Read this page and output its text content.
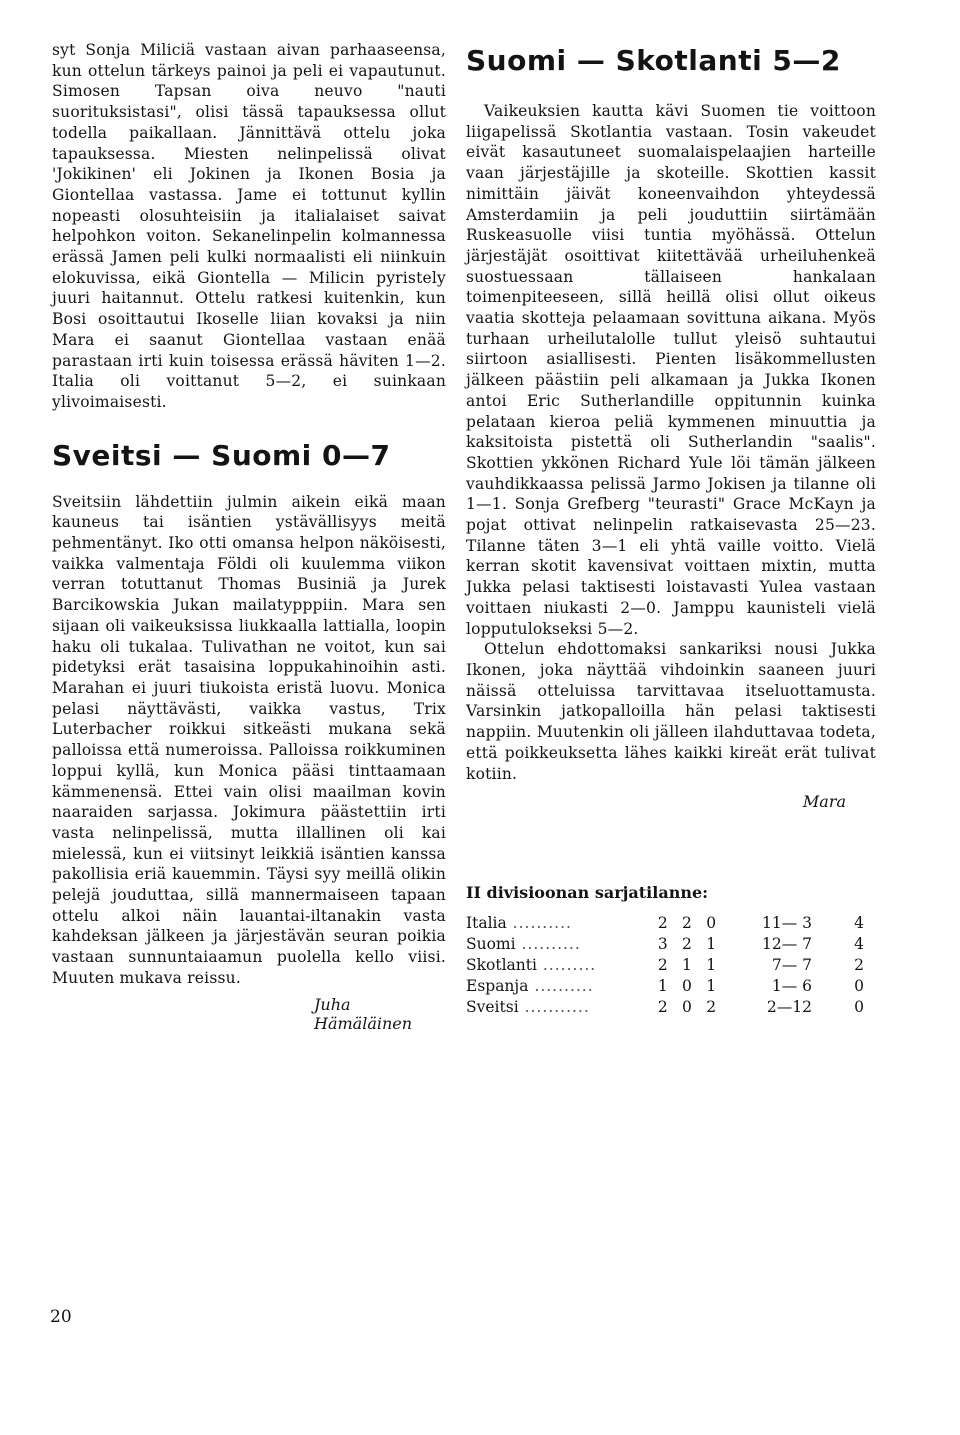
syt Sonja Miliciä vastaan aivan parhaaseensa, kun ottelun tärkeys painoi ja peli ei vapautunut. Simosen Tapsan oiva neuvo "nauti suorituksistasi", olisi tässä tapauksessa ollut todella paikallaan. Jännittävä ottelu joka tapauksessa. Miesten nelinpelissä olivat 'Jokikinen' eli Jokinen ja Ikonen Bosia ja Giontellaa vastassa. Jame ei tottunut kyllin nopeasti olosuhteisiin ja italialaiset saivat helpohkon voiton. Sekanelinpelin kolmannessa erässä Jamen peli kulki normaalisti eli niinkuin elokuvissa, eikä Giontella — Milicin pyristely juuri haitannut. Ottelu ratkesi kuitenkin, kun Bosi osoittautui Ikoselle liian kovaksi ja niin Mara ei saanut Giontellaa vastaan enää parastaan irti kuin toisessa erässä häviten 1—2. Italia oli voittanut 5—2, ei suinkaan ylivoimaisesti.

Sveitsi — Suomi 0—7

Sveitsiin lähdettiin julmin aikein eikä maan kauneus tai isäntien ystävällisyys meitä pehmentänyt. Iko otti omansa helpon näköisesti, vaikka valmentaja Földi oli kuulemma viikon verran totuttanut Thomas Businiä ja Jurek Barcikowskia Jukan mailatypppiin. Mara sen sijaan oli vaikeuksissa liukkaalla lattialla, loopin haku oli tukalaa. Tulivathan ne voitot, kun sai pidetyksi erät tasaisina loppukahinoihin asti. Marahan ei juuri tiukoista eristä luovu. Monica pelasi näyttävästi, vaikka vastus, Trix Luterbacher roikkui sitkeästi mukana sekä palloissa että numeroissa. Palloissa roikkuminen loppui kyllä, kun Monica pääsi tinttaamaan kämmenensä. Ettei vain olisi maailman kovin naaraiden sarjassa. Jokimura päästettiin irti vasta nelinpelissä, mutta illallinen oli kai mielessä, kun ei viitsinyt leikkiä isäntien kanssa pakollisia eriä kauemmin. Täysi syy meillä olikin pelejä jouduttaa, sillä mannermaiseen tapaan ottelu alkoi näin lauantai-iltanakin vasta kahdeksan jälkeen ja järjestävän seuran poikia vastaan sunnuntaiaamun puolella kello viisi. Muuten mukava reissu.

Juha Hämäläinen

Suomi — Skotlanti 5—2

Vaikeuksien kautta kävi Suomen tie voittoon liigapelissä Skotlantia vastaan. Tosin vakeudet eivät kasautuneet suomalaispelaajien harteille vaan järjestäjille ja skoteille. Skottien kassit nimittäin jäivät koneenvaihdon yhteydessä Amsterdamiin ja peli jouduttiin siirtämään Ruskeasuolle viisi tuntia myöhässä. Ottelun järjestäjät osoittivat kiitettävää urheiluhenkeä suostuessaan tällaiseen hankalaan toimenpiteeseen, sillä heillä olisi ollut oikeus vaatia skotteja pelaamaan sovittuna aikana. Myös turhaan urheilutalolle tullut yleisö suhtautui siirtoon asiallisesti. Pienten lisäkommellusten jälkeen päästiin peli alkamaan ja Jukka Ikonen antoi Eric Sutherlandille oppitunnin kuinka pelataan kieroa peliä kymmenen minuuttia ja kaksitoista pistettä oli Sutherlandin "saalis". Skottien ykkönen Richard Yule löi tämän jälkeen vauhdikkaassa pelissä Jarmo Jokisen ja tilanne oli 1—1. Sonja Grefberg "teurasti" Grace McKayn ja pojat ottivat nelinpelin ratkaisevasta 25—23. Tilanne täten 3—1 eli yhtä vaille voitto. Vielä kerran skotit kavensivat voittaen mixtin, mutta Jukka pelasi taktisesti loistavasti Yulea vastaan voittaen niukasti 2—0. Jamppu kaunisteli vielä lopputulokseksi 5—2.

Ottelun ehdottomaksi sankariksi nousi Jukka Ikonen, joka näyttää vihdoinkin saaneen juuri näissä otteluissa tarvittavaa itseluottamusta. Varsinkin jatkopalloilla hän pelasi taktisesti nappiin. Muutenkin oli jälleen ilahduttavaa todeta, että poikkeuksetta lähes kaikki kireät erät tulivat kotiin.

Mara

II divisioonan sarjatilanne:
Italia ..........	2	2	0	11— 3	4
Suomi ..........	3	2	1	12— 7	4
Skotlanti .........	2	1	1	7— 7	2
Espanja ..........	1	0	1	1— 6	0
Sveitsi ...........	2	0	2	2—12	0
20
